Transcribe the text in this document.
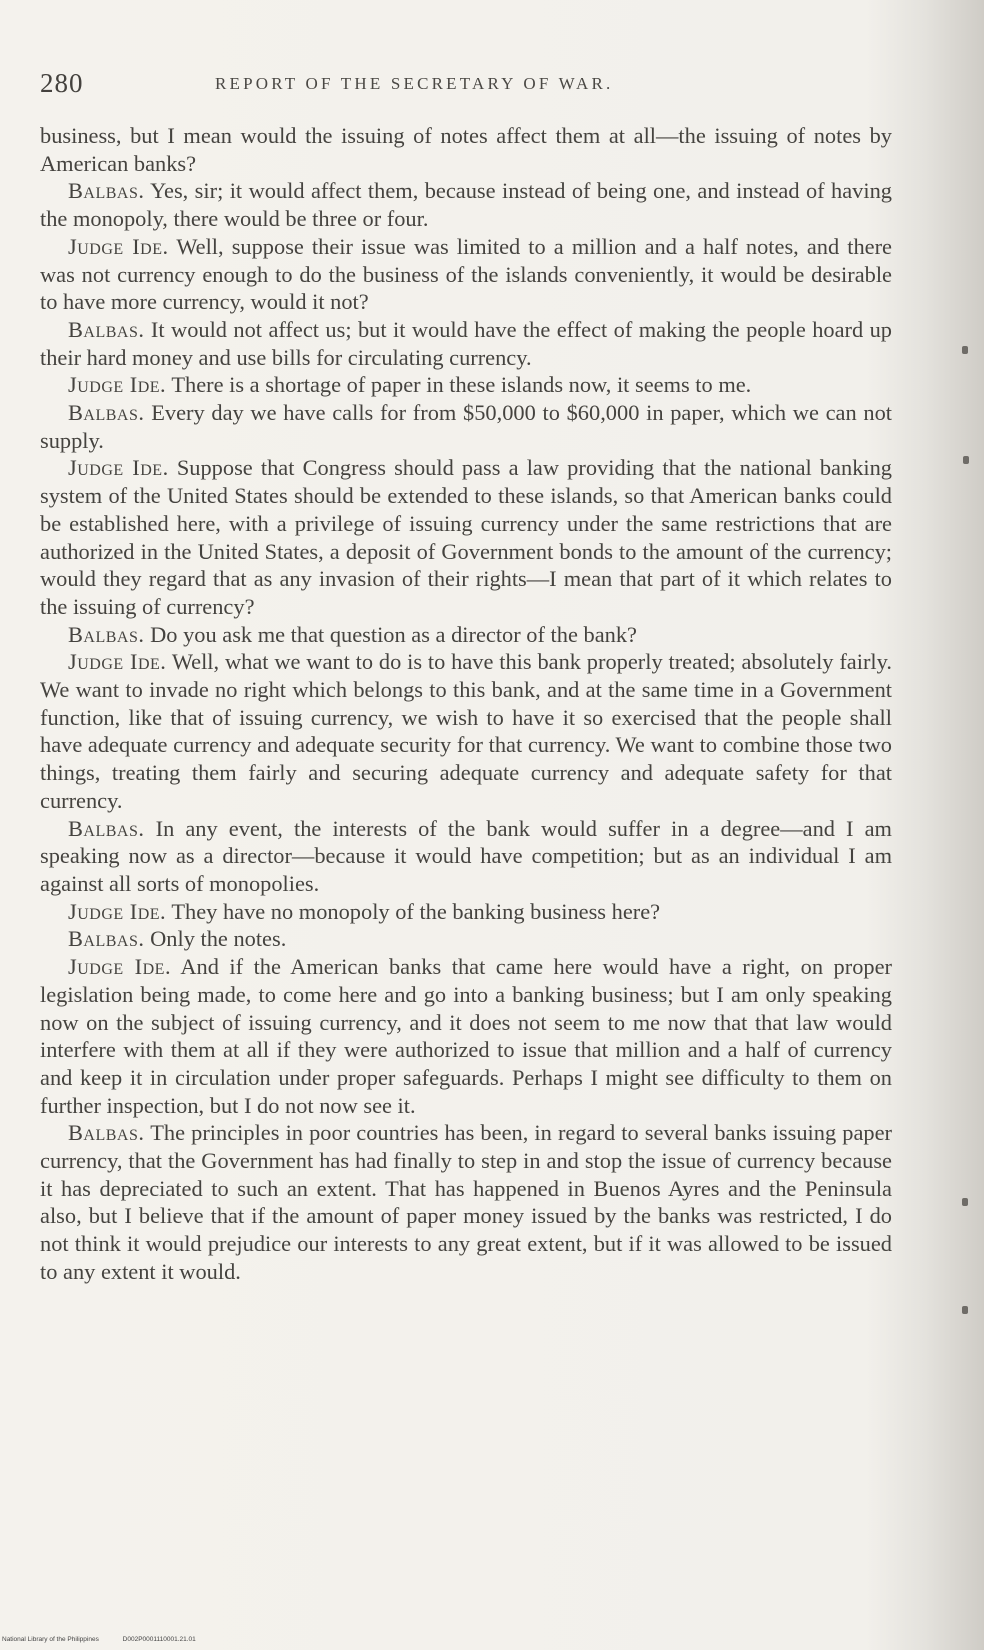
280	REPORT OF THE SECRETARY OF WAR.

business, but I mean would the issuing of notes affect them at all—the issuing of notes by American banks?

Balbas. Yes, sir; it would affect them, because instead of being one, and instead of having the monopoly, there would be three or four.

Judge Ide. Well, suppose their issue was limited to a million and a half notes, and there was not currency enough to do the business of the islands conveniently, it would be desirable to have more currency, would it not?

Balbas. It would not affect us; but it would have the effect of making the people hoard up their hard money and use bills for circulating currency.

Judge Ide. There is a shortage of paper in these islands now, it seems to me.

Balbas. Every day we have calls for from $50,000 to $60,000 in paper, which we can not supply.

Judge Ide. Suppose that Congress should pass a law providing that the national banking system of the United States should be extended to these islands, so that American banks could be established here, with a privilege of issuing currency under the same restrictions that are authorized in the United States, a deposit of Government bonds to the amount of the currency; would they regard that as any invasion of their rights—I mean that part of it which relates to the issuing of currency?

Balbas. Do you ask me that question as a director of the bank?

Judge Ide. Well, what we want to do is to have this bank properly treated; absolutely fairly. We want to invade no right which belongs to this bank, and at the same time in a Government function, like that of issuing currency, we wish to have it so exercised that the people shall have adequate currency and adequate security for that currency. We want to combine those two things, treating them fairly and securing adequate currency and adequate safety for that currency.

Balbas. In any event, the interests of the bank would suffer in a degree—and I am speaking now as a director—because it would have competition; but as an individual I am against all sorts of monopolies.

Judge Ide. They have no monopoly of the banking business here?

Balbas. Only the notes.

Judge Ide. And if the American banks that came here would have a right, on proper legislation being made, to come here and go into a banking business; but I am only speaking now on the subject of issuing currency, and it does not seem to me now that that law would interfere with them at all if they were authorized to issue that million and a half of currency and keep it in circulation under proper safeguards. Perhaps I might see difficulty to them on further inspection, but I do not now see it.

Balbas. The principles in poor countries has been, in regard to several banks issuing paper currency, that the Government has had finally to step in and stop the issue of currency because it has depreciated to such an extent. That has happened in Buenos Ayres and the Peninsula also, but I believe that if the amount of paper money issued by the banks was restricted, I do not think it would prejudice our interests to any great extent, but if it was allowed to be issued to any extent it would.

National Library of the Philippines	D002P0001110001.21.01
